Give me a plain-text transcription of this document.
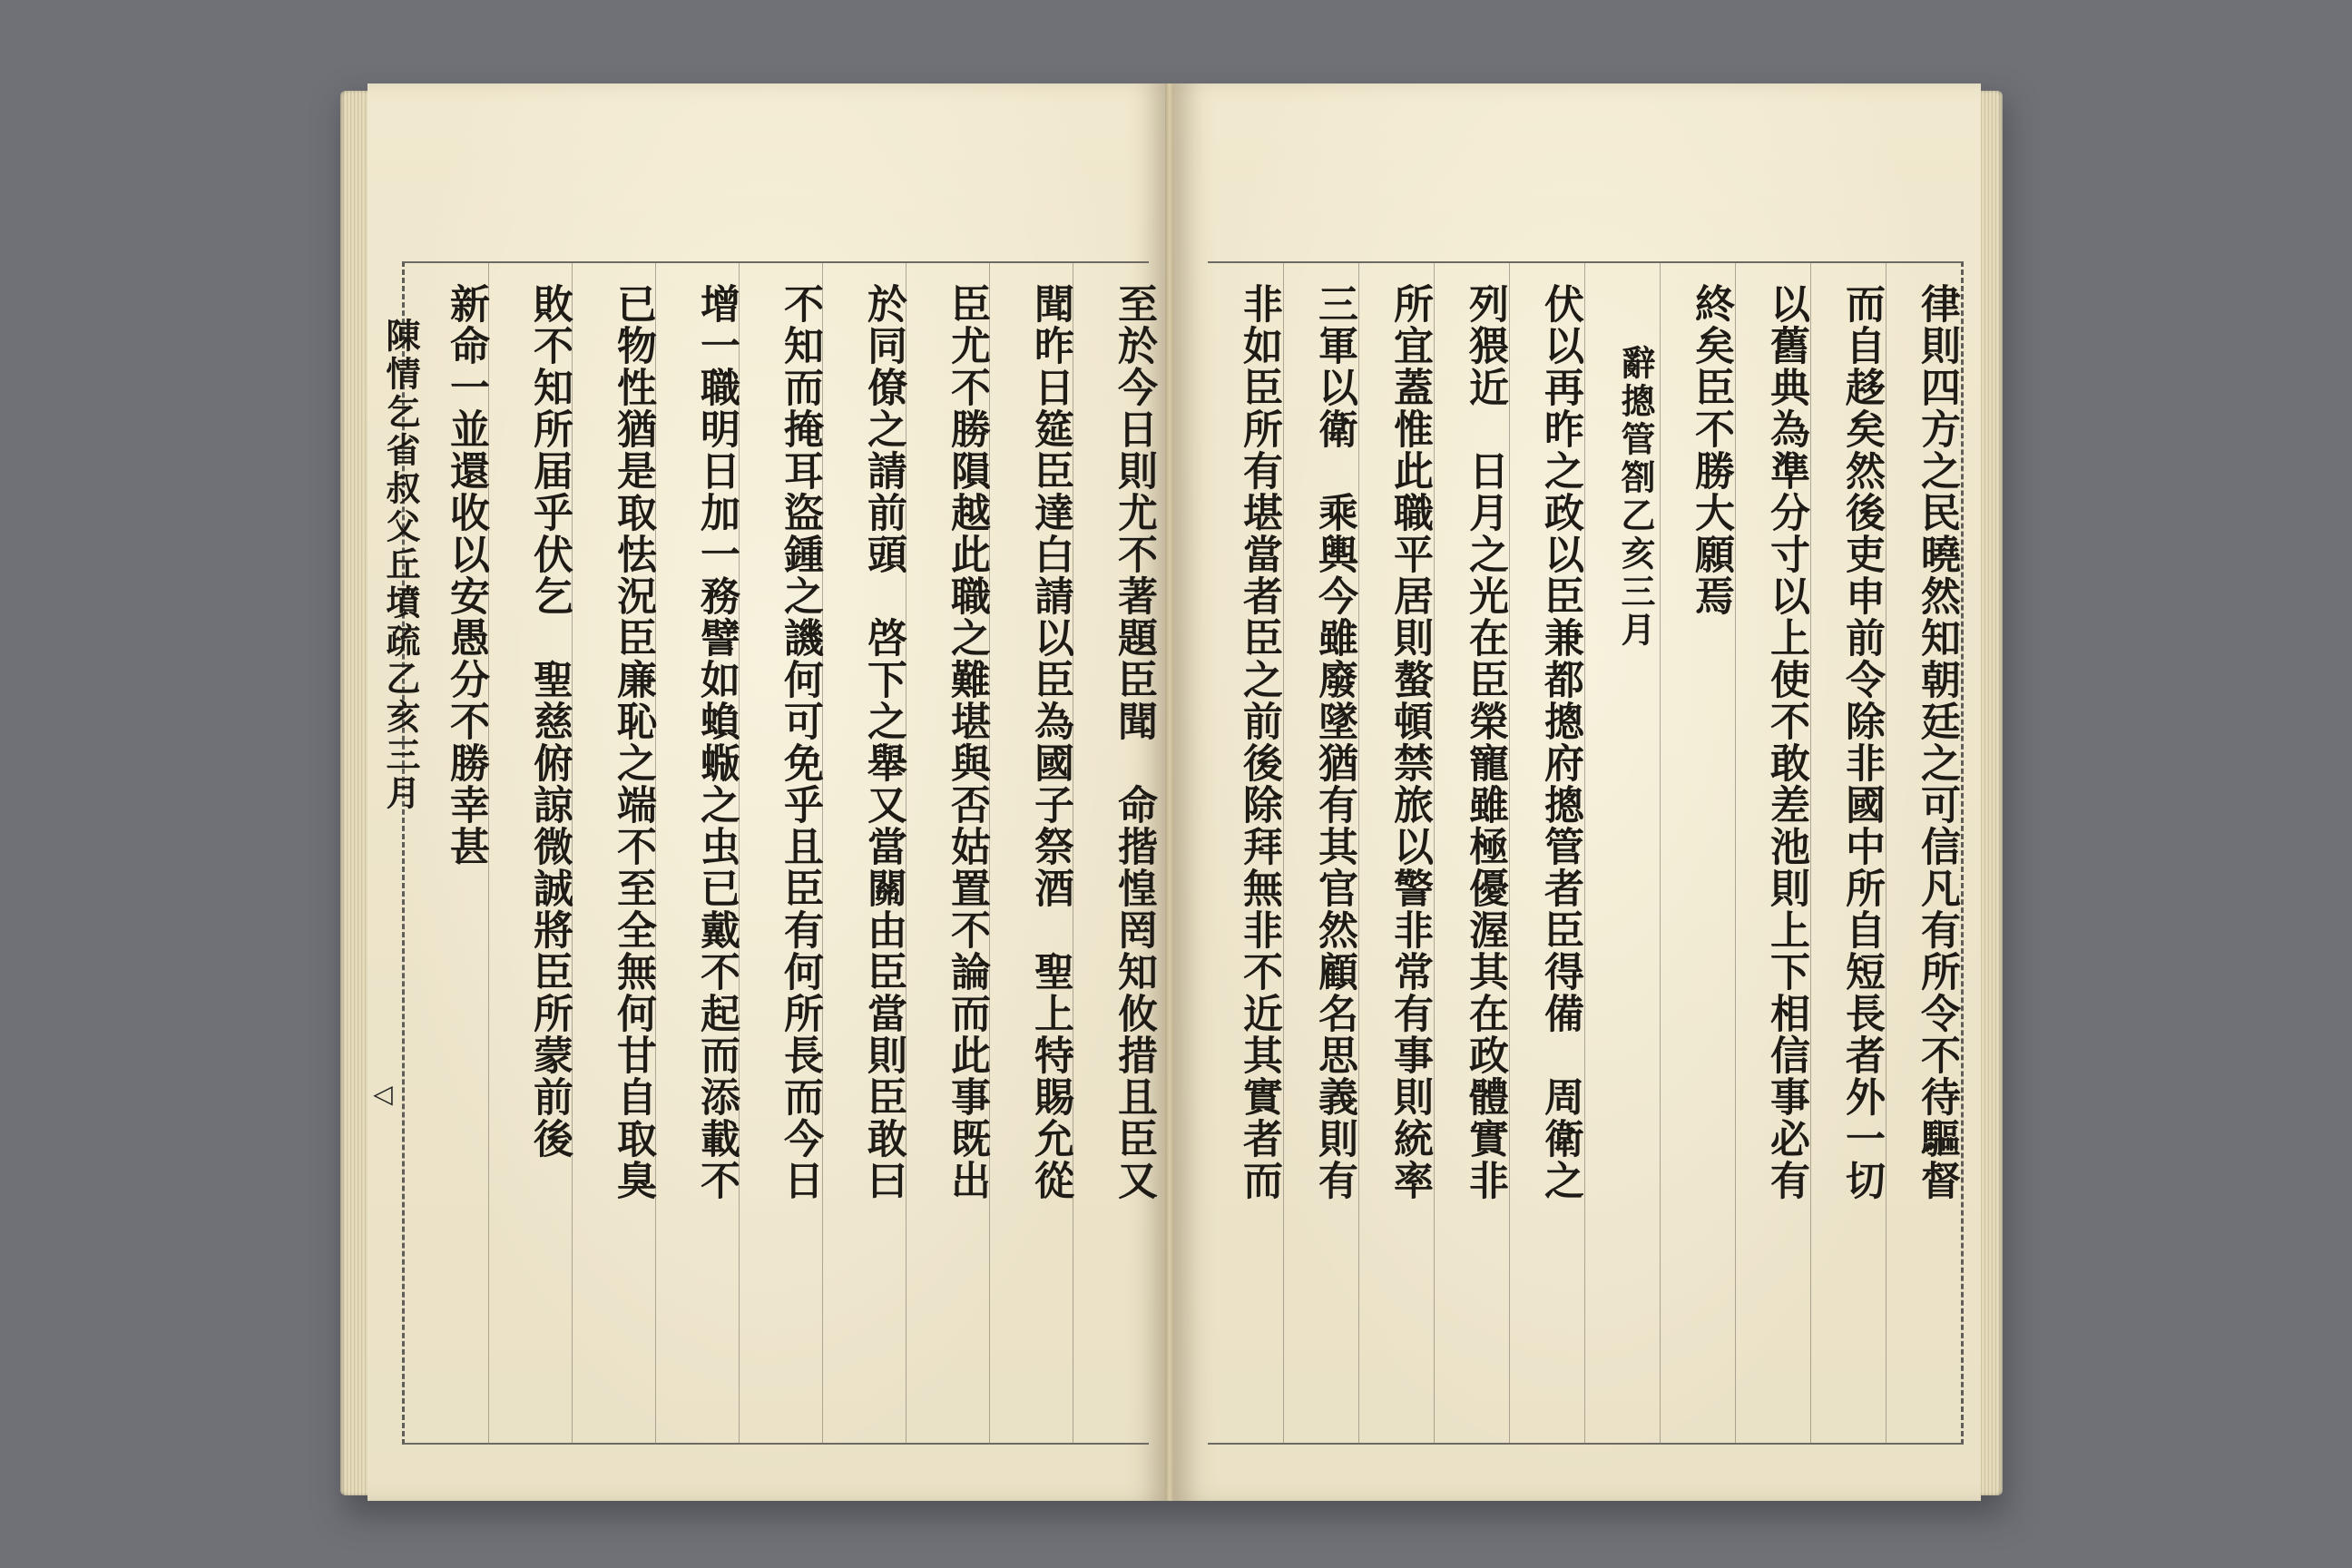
至於今日則尤不著題臣聞　命揩惶罔知攸措且臣又
聞昨日筵臣達白請以臣為國子祭酒　聖上特賜允從
臣尤不勝隕越此職之難堪與否姑置不論而此事既出
於同僚之請前頭　啓下之舉又當關由臣當則臣敢曰
不知而掩耳盜鍾之譏何可免乎且臣有何所長而今日
增一職明日加一務譬如蝜蝂之虫已戴不起而添載不
已物性猶是取怯況臣廉恥之端不至全無何甘自取臭
敗不知所届乎伏乞　聖慈俯諒微誠將臣所蒙前後
新命一並還收以安愚分不勝幸甚
陳情乞省叔父丘墳疏乙亥三月
◁	律則四方之民曉然知朝廷之可信凡有所令不待驅督
而自趍矣然後吏申前令除非國中所自短長者外一切
以舊典為準分寸以上使不敢差池則上下相信事必有
終矣臣不勝大願焉
辭摠管劄乙亥三月
伏以再昨之政以臣兼都摠府摠管者臣得備　周衛之
列猥近　日月之光在臣榮寵雖極優渥其在政體實非
所宜蓋惟此職平居則螯頓禁旅以警非常有事則統率
三軍以衛　乘輿今雖廢墜猶有其官然顧名思義則有
非如臣所有堪當者臣之前後除拜無非不近其實者而
